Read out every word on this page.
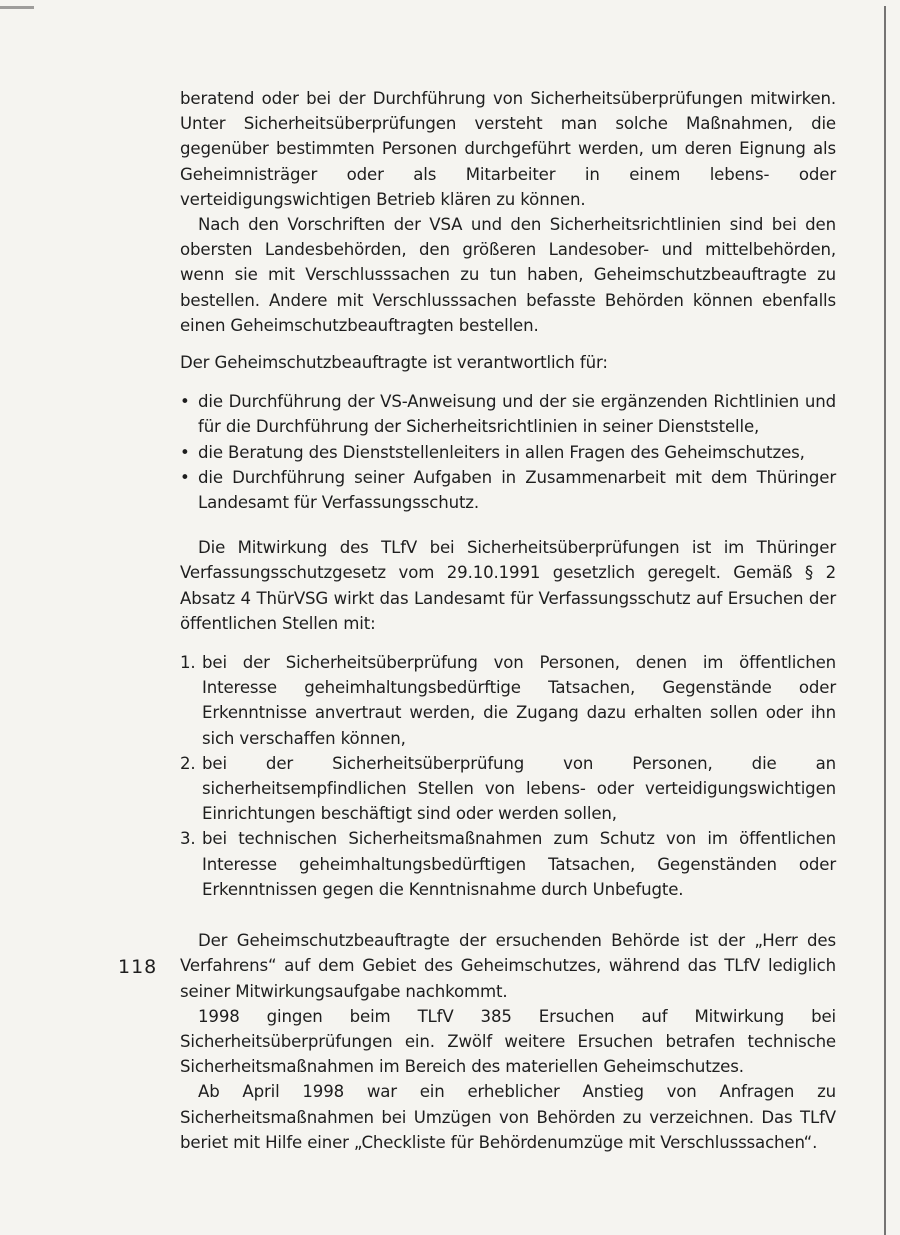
beratend oder bei der Durchführung von Sicherheitsüberprüfungen mitwirken. Unter Sicherheitsüberprüfungen versteht man solche Maßnahmen, die gegenüber bestimmten Personen durchgeführt werden, um deren Eignung als Geheimnisträger oder als Mitarbeiter in einem lebens- oder verteidigungswichtigen Betrieb klären zu können.

Nach den Vorschriften der VSA und den Sicherheitsrichtlinien sind bei den obersten Landesbehörden, den größeren Landesober- und mittelbehörden, wenn sie mit Verschlusssachen zu tun haben, Geheimschutzbeauftragte zu bestellen. Andere mit Verschlusssachen befasste Behörden können ebenfalls einen Geheimschutzbeauftragten bestellen.

Der Geheimschutzbeauftragte ist verantwortlich für:

• die Durchführung der VS-Anweisung und der sie ergänzenden Richtlinien und für die Durchführung der Sicherheitsrichtlinien in seiner Dienststelle,
• die Beratung des Dienststellenleiters in allen Fragen des Geheimschutzes,
• die Durchführung seiner Aufgaben in Zusammenarbeit mit dem Thüringer Landesamt für Verfassungsschutz.

Die Mitwirkung des TLfV bei Sicherheitsüberprüfungen ist im Thüringer Verfassungsschutzgesetz vom 29.10.1991 gesetzlich geregelt. Gemäß § 2 Absatz 4 ThürVSG wirkt das Landesamt für Verfassungsschutz auf Ersuchen der öffentlichen Stellen mit:

1. bei der Sicherheitsüberprüfung von Personen, denen im öffentlichen Interesse geheimhaltungsbedürftige Tatsachen, Gegenstände oder Erkenntnisse anvertraut werden, die Zugang dazu erhalten sollen oder ihn sich verschaffen können,
2. bei der Sicherheitsüberprüfung von Personen, die an sicherheitsempfindlichen Stellen von lebens- oder verteidigungswichtigen Einrichtungen beschäftigt sind oder werden sollen,
3. bei technischen Sicherheitsmaßnahmen zum Schutz von im öffentlichen Interesse geheimhaltungsbedürftigen Tatsachen, Gegenständen oder Erkenntnissen gegen die Kenntnisnahme durch Unbefugte.

Der Geheimschutzbeauftragte der ersuchenden Behörde ist der „Herr des Verfahrens“ auf dem Gebiet des Geheimschutzes, während das TLfV lediglich seiner Mitwirkungsaufgabe nachkommt.

1998 gingen beim TLfV 385 Ersuchen auf Mitwirkung bei Sicherheitsüberprüfungen ein. Zwölf weitere Ersuchen betrafen technische Sicherheitsmaßnahmen im Bereich des materiellen Geheimschutzes.

Ab April 1998 war ein erheblicher Anstieg von Anfragen zu Sicherheitsmaßnahmen bei Umzügen von Behörden zu verzeichnen. Das TLfV beriet mit Hilfe einer „Checkliste für Behördenumzüge mit Verschlusssachen“.

118
